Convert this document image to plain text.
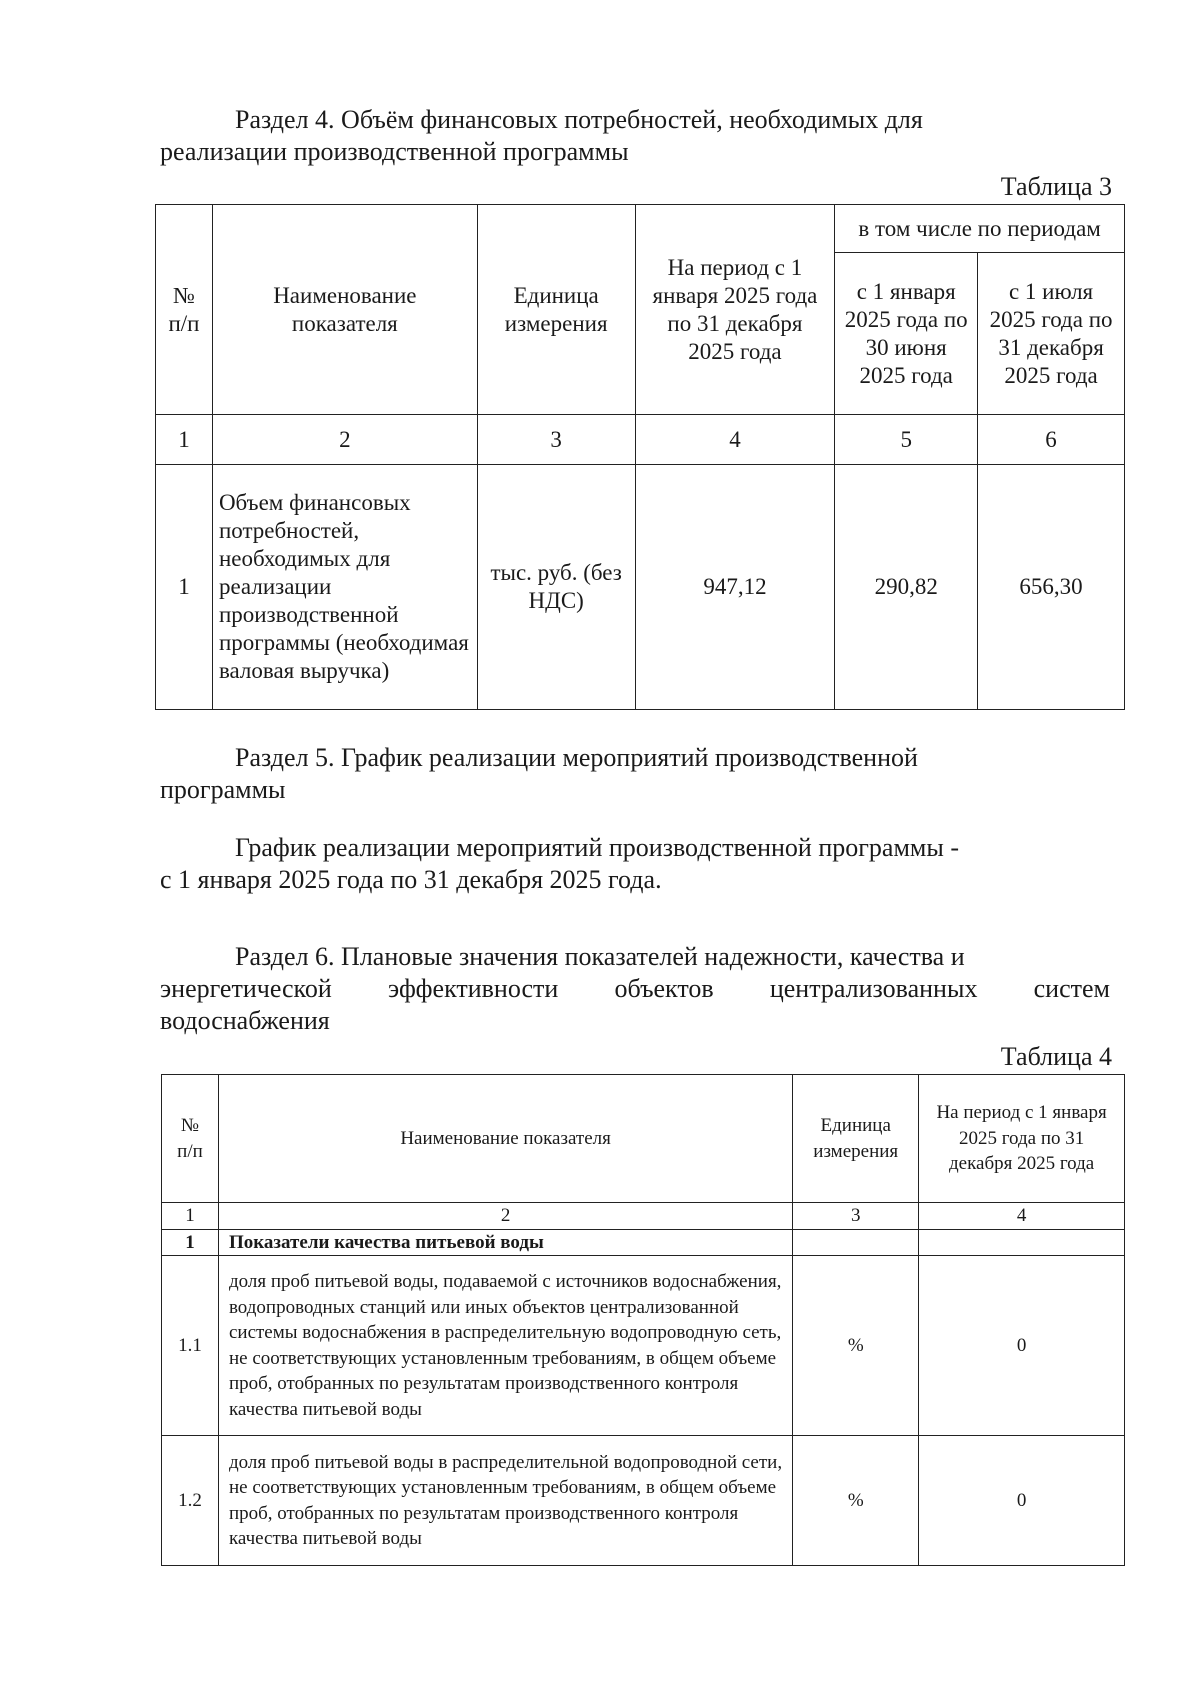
Раздел 4. Объём финансовых потребностей, необходимых для
реализации производственной программы
Таблица 3
№ п/п	Наименование показателя	Единица измерения	На период с 1 января 2025 года по 31 декабря 2025 года	в том числе по периодам	
				с 1 января 2025 года по 30 июня 2025 года	с 1 июля 2025 года по 31 декабря 2025 года
1	2	3	4	5	6
1	Объем финансовых потребностей, необходимых для реализации производственной программы (необходимая валовая выручка)	тыс. руб. (без НДС)	947,12	290,82	656,30
Раздел 5. График реализации мероприятий производственной
программы
График реализации мероприятий производственной программы -
с 1 января 2025 года по 31 декабря 2025 года.
Раздел 6. Плановые значения показателей надежности, качества и
энергетической эффективности объектов централизованных систем
водоснабжения
Таблица 4
№ п/п	Наименование показателя	Единица измерения	На период с 1 января 2025 года по 31 декабря 2025 года
1	2	3	4
1	Показатели качества питьевой воды		
1.1	доля проб питьевой воды, подаваемой с источников водоснабжения, водопроводных станций или иных объектов централизованной системы водоснабжения в распределительную водопроводную сеть, не соответствующих установленным требованиям, в общем объеме проб, отобранных по результатам производственного контроля качества питьевой воды	%	0
1.2	доля проб питьевой воды в распределительной водопроводной сети, не соответствующих установленным требованиям, в общем объеме проб, отобранных по результатам производственного контроля качества питьевой воды	%	0
